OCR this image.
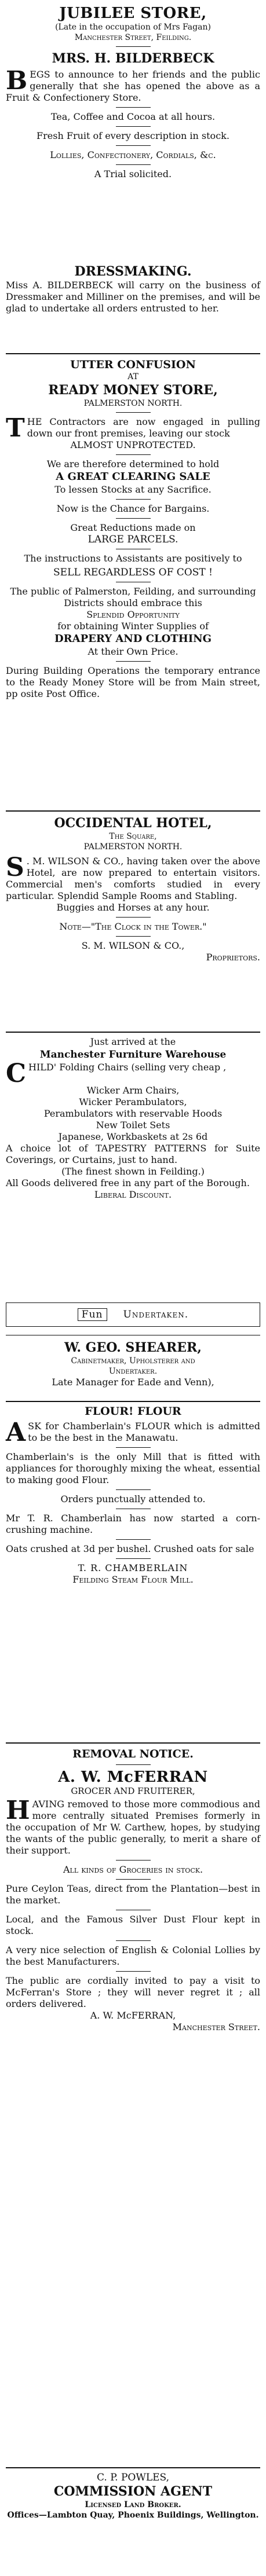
JUBILEE STORE,
(Late in the occupation of Mrs Fagan)
Manchester Street, Feilding.
MRS. H. BILDERBECK
BEGS to announce to her friends and the public generally that she has opened the above as a Fruit & Confectionery Store.
Tea, Coffee and Cocoa at all hours.
Fresh Fruit of every description in stock.
Lollies, Confectionery, Cordials, &c.
A Trial solicited.
DRESSMAKING.
Miss A. BILDERBECK will carry on the business of Dressmaker and Milliner on the premises, and will be glad to undertake all orders entrusted to her.
UTTER CONFUSION
AT
READY MONEY STORE,
PALMERSTON NORTH.
THE Contractors are now engaged in pulling down our front premises, leaving our stock
ALMOST UNPROTECTED.
We are therefore determined to hold
A GREAT CLEARING SALE
To lessen Stocks at any Sacrifice.
Now is the Chance for Bargains.
Great Reductions made on
LARGE PARCELS.
The instructions to Assistants are positively to
SELL REGARDLESS OF COST !
The public of Palmerston, Feilding, and surrounding Districts should embrace this
Splendid Opportunity
for obtaining Winter Supplies of
DRAPERY AND CLOTHING
At their Own Price.
During Building Operations the temporary entrance to the Ready Money Store will be from Main street, pp osite Post Office.
OCCIDENTAL HOTEL,
The Square,
PALMERSTON NORTH.
S . M. WILSON & CO., having taken over the above Hotel, are now prepared to entertain visitors. Commercial men's comforts studied in every particular. Splendid Sample Rooms and Stabling.
Buggies and Horses at any hour.
Note—"The Clock in the Tower."
S. M. WILSON & CO.,
Proprietors.
Just arrived at the
Manchester Furniture Warehouse
CHILD' Folding Chairs (selling very cheap ,
Wicker Arm Chairs,
Wicker Perambulators,
Perambulators with reservable Hoods
New Toilet Sets
Japanese, Workbaskets at 2s 6d
A choice lot of TAPESTRY PATTERNS for Suite Coverings, or Curtains, just to hand.
(The finest shown in Feilding.)
All Goods delivered free in any part of the Borough.
Liberal Discount.
Fun	Undertaken.
W. GEO. SHEARER,
Cabinetmaker, Upholsterer and
Undertaker.
Late Manager for Eade and Venn),
FLOUR! FLOUR
ASK for Chamberlain's FLOUR which is admitted to be the best in the Manawatu.
Chamberlain's is the only Mill that is fitted with appliances for thoroughly mixing the wheat, essential to making good Flour.
Orders punctually attended to.
Mr T. R. Chamberlain has now started a corn-crushing machine.
Oats crushed at 3d per bushel. Crushed oats for sale
T. R. CHAMBERLAIN
Feilding Steam Flour Mill.
REMOVAL NOTICE.
A. W. McFERRAN
GROCER AND FRUITERER,
HAVING removed to those more commodious and more centrally situated Premises formerly in the occupation of Mr W. Carthew, hopes, by studying the wants of the public generally, to merit a share of their support.
All kinds of Groceries in stock.
Pure Ceylon Teas, direct from the Plantation—best in the market.
Local, and the Famous Silver Dust Flour kept in stock.
A very nice selection of English & Colonial Lollies by the best Manufacturers.
The public are cordially invited to pay a visit to McFerran's Store ; they will never regret it ; all orders delivered.
A. W. McFERRAN,
Manchester Street.
C. P. POWLES,
COMMISSION AGENT
Licensed Land Broker.
Offices—Lambton Quay, Phoenix Buildings, Wellington.
